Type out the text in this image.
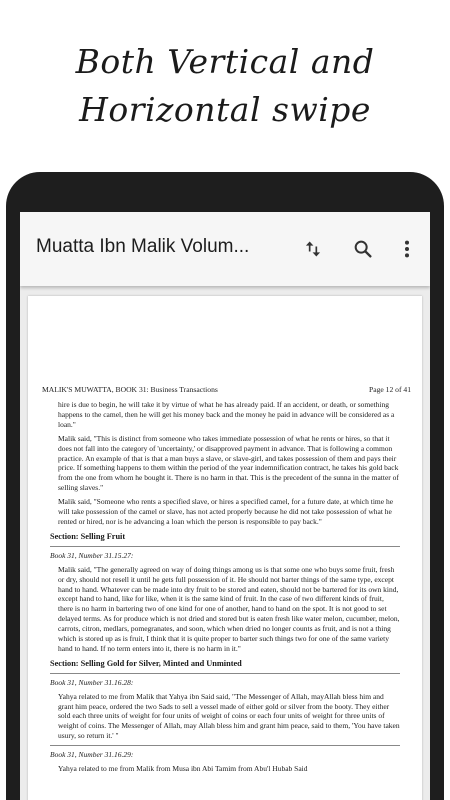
Both Vertical and
Horizontal swipe
Muatta Ibn Malik Volum...
MALIK'S MUWATTA, BOOK 31: Business Transactions	Page 12 of 41

hire is due to begin, he will take it by virtue of what he has already paid. If an accident, or death, or something happens to the camel, then he will get his money back and the money he paid in advance will be considered as a loan."

Malik said, "This is distinct from someone who takes immediate possession of what he rents or hires, so that it does not fall into the category of 'uncertainty,' or disapproved payment in advance. That is following a common practice. An example of that is that a man buys a slave, or slave-girl, and takes possession of them and pays their price. If something happens to them within the period of the year indemnification contract, he takes his gold back from the one from whom he bought it. There is no harm in that. This is the precedent of the sunna in the matter of selling slaves."

Malik said, "Someone who rents a specified slave, or hires a specified camel, for a future date, at which time he will take possession of the camel or slave, has not acted properly because he did not take possession of what he rented or hired, nor is he advancing a loan which the person is responsible to pay back."

Section: Selling Fruit
Book 31, Number 31.15.27:

Malik said, "The generally agreed on way of doing things among us is that some one who buys some fruit, fresh or dry, should not resell it until he gets full possession of it. He should not barter things of the same type, except hand to hand. Whatever can be made into dry fruit to be stored and eaten, should not be bartered for its own kind, except hand to hand, like for like, when it is the same kind of fruit. In the case of two different kinds of fruit, there is no harm in bartering two of one kind for one of another, hand to hand on the spot. It is not good to set delayed terms. As for produce which is not dried and stored but is eaten fresh like water melon, cucumber, melon, carrots, citron, medlars, pomegranates, and soon, which when dried no longer counts as fruit, and is not a thing which is stored up as is fruit, I think that it is quite proper to barter such things two for one of the same variety hand to hand. If no term enters into it, there is no harm in it."

Section: Selling Gold for Silver, Minted and Unminted
Book 31, Number 31.16.28:

Yahya related to me from Malik that Yahya ibn Said said, "The Messenger of Allah, mayAllah bless him and grant him peace, ordered the two Sads to sell a vessel made of either gold or silver from the booty. They either sold each three units of weight for four units of weight of coins or each four units of weight for three units of weight of coins. The Messenger of Allah, may Allah bless him and grant him peace, said to them, 'You have taken usury, so return it.' "

Book 31, Number 31.16.29:

Yahya related to me from Malik from Musa ibn Abi Tamim from Abu'l Hubab Said
